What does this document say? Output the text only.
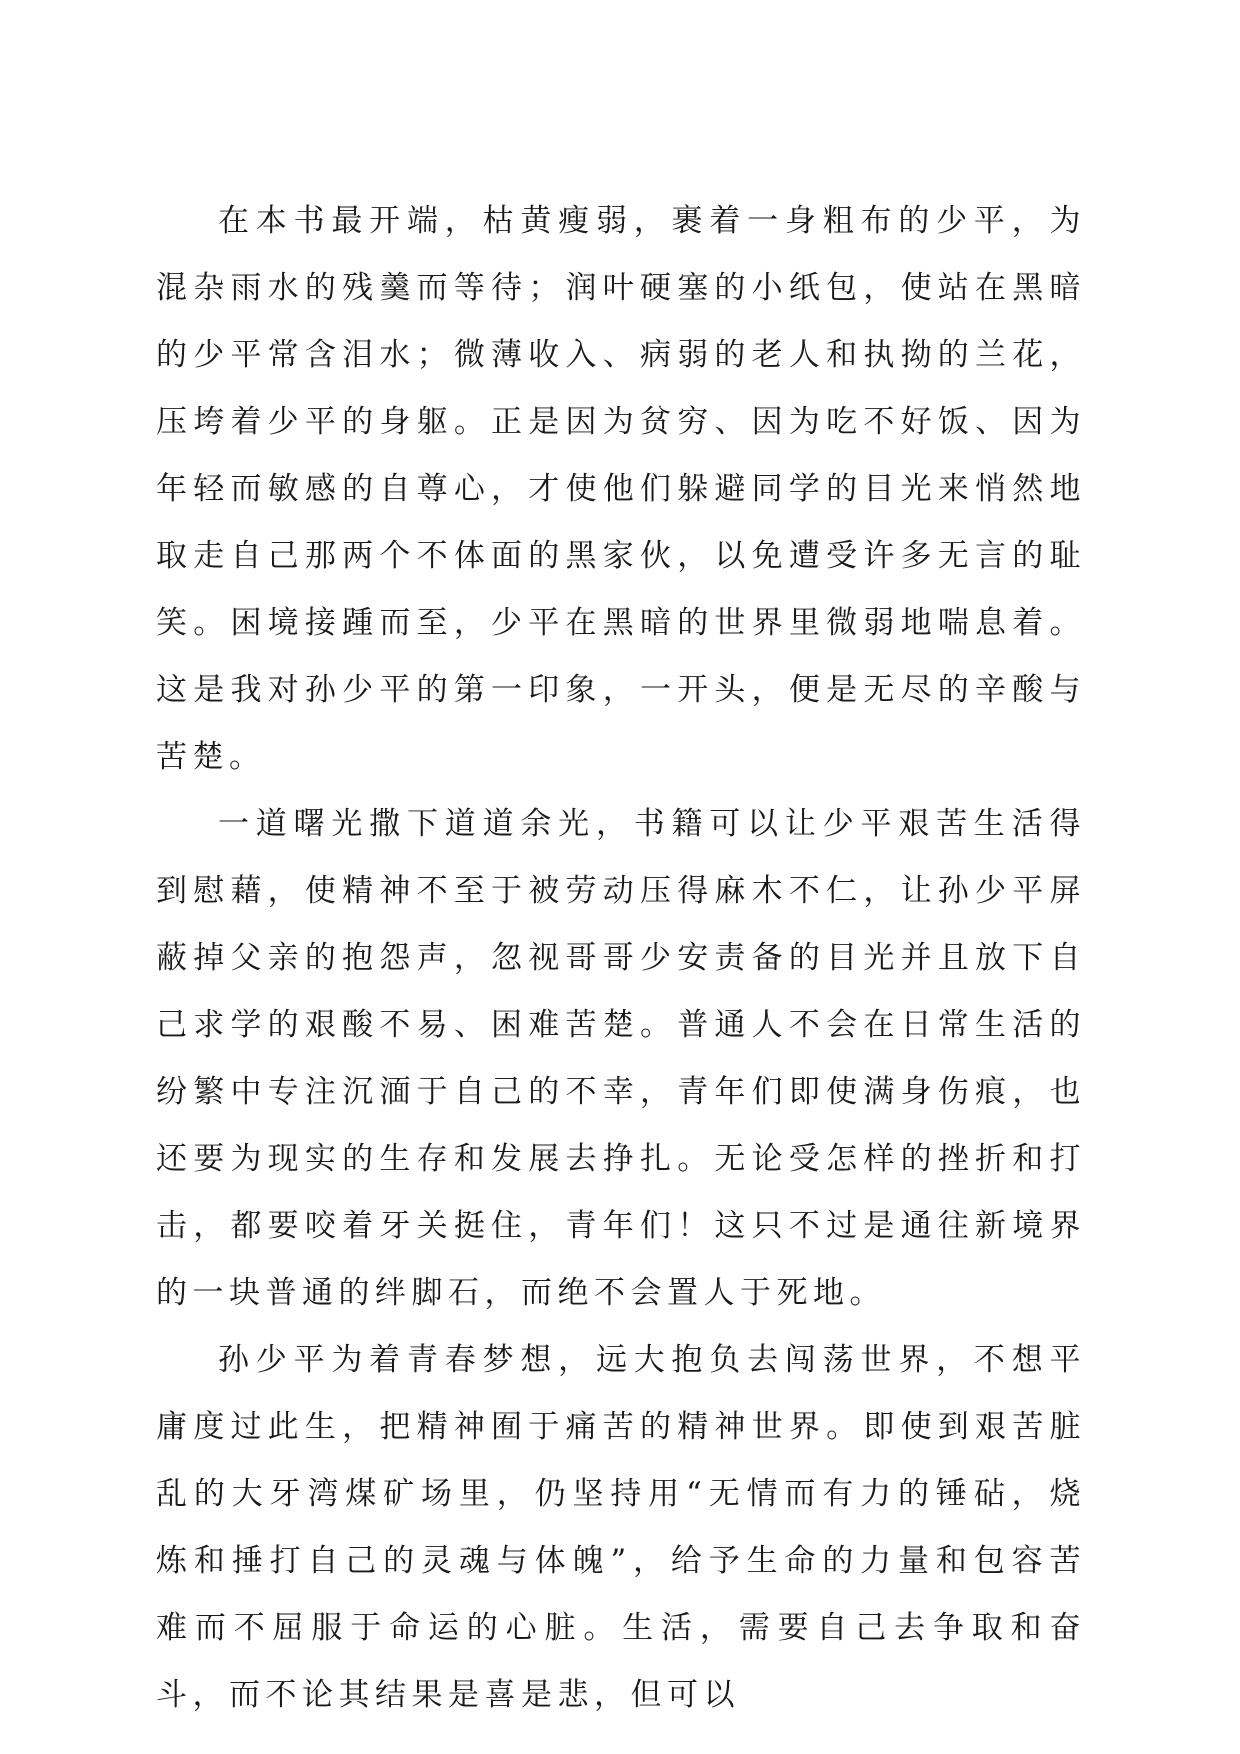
在本书最开端，枯黄瘦弱，裹着一身粗布的少平，为混杂雨水的残羹而等待；润叶硬塞的小纸包，使站在黑暗的少平常含泪水；微薄收入、病弱的老人和执拗的兰花，压垮着少平的身躯。正是因为贫穷、因为吃不好饭、因为年轻而敏感的自尊心，才使他们躲避同学的目光来悄然地取走自己那两个不体面的黑家伙，以免遭受许多无言的耻笑。困境接踵而至，少平在黑暗的世界里微弱地喘息着。这是我对孙少平的第一印象，一开头，便是无尽的辛酸与苦楚。

一道曙光撒下道道余光，书籍可以让少平艰苦生活得到慰藉，使精神不至于被劳动压得麻木不仁，让孙少平屏蔽掉父亲的抱怨声，忽视哥哥少安责备的目光并且放下自己求学的艰酸不易、困难苦楚。普通人不会在日常生活的纷繁中专注沉湎于自己的不幸，青年们即使满身伤痕，也还要为现实的生存和发展去挣扎。无论受怎样的挫折和打击，都要咬着牙关挺住，青年们！这只不过是通往新境界的一块普通的绊脚石，而绝不会置人于死地。

孙少平为着青春梦想，远大抱负去闯荡世界，不想平庸度过此生，把精神囿于痛苦的精神世界。即使到艰苦脏乱的大牙湾煤矿场里，仍坚持用“无情而有力的锤砧，烧炼和捶打自己的灵魂与体魄”，给予生命的力量和包容苦难而不屈服于命运的心脏。生活，需要自己去争取和奋斗，而不论其结果是喜是悲，但可以
